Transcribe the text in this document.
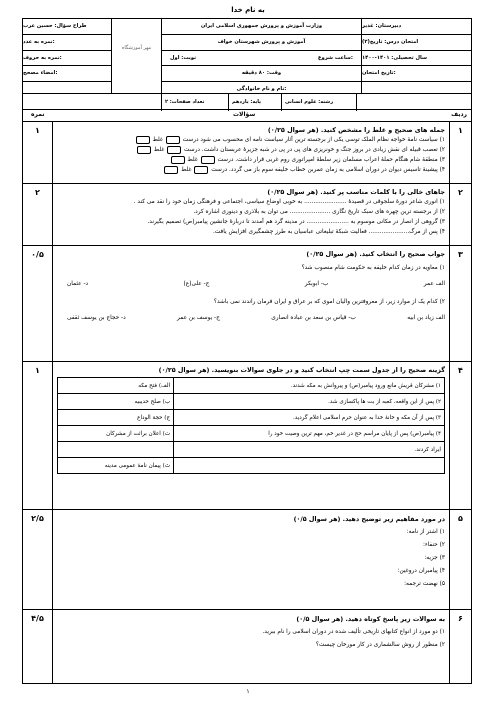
به نام خدا
دبیرستان: غدیر
امتحان درس: تاریخ(۲)
سال تحصیلی: ۱۴۰۱-۱۴۰۰
تاریخ امتحان:
وزارت آموزش و پرورش جمهوری اسلامی ایران
آموزش و پرورش شهرستان خواف
نوبت: اول	ساعت شروع:
وقت: ۸۰ دقیقه
نام و نام خانوادگی:
مهر آموزشگاه
طراح سؤال: حسین عرب
نمره به عدد:
نمره به حروف:
امضاء مصحح:
رشته: علوم انسانی
پایه: یازدهم
تعداد صفحات: ۲
ردیف
سؤالات
نمره
۱
۱	جمله های صحیح و غلط را مشخص کنید. (هر سوال ۰/۲۵)
۱) سیاست نامهٔ خواجه نظام الملک توسی یکی از برجسته ترین آثار سیاست نامه ای محسوب می شود درست  غلط
۲) تعصب قبیله ای نقش زیادی در بروز جنگ و خونریزی های پی در پی در شبه جزیرهٔ عربستان داشت. درست  غلط
۳) منطقهٔ شام هنگام حملهٔ اعراب مسلمان زیر سلطهٔ امپراتوری روم غربی قرار داشت. درست  غلط
۴) پیشینهٔ تاسیس دیوان در دوران اسلامی به زمان عمربن خطاب خلیفه سوم باز می گردد. درست  غلط
۲
۲	جاهای خالی را با کلمات مناسب پر کنید. (هر سوال ۰/۲۵)
۱) انوری شاعر دورهٔ سلجوقی در قصیدهٔ ....................... به خوبی اوضاع سیاسی، اجتماعی و فرهنگی زمان خود را نقد می کند .
۲) از برجسته ترین چهره های سبک تاریخ نگاری ...................... می توان به بلاذری و دینوری اشاره کرد.
۳) گروهی از انصار در مکانی موسوم به ....................... در مدینه گرد هم آمدند تا دربارهٔ جانشین پیامبر(ص) تصمیم بگیرند.
۴) پس از مرگ...................... فعالیت شبکهٔ تبلیغاتی عباسیان به طرز چشمگیری افزایش یافت.
۳
۰/۵	جواب صحیح را انتخاب کنید. (هر سوال ۰/۲۵)
۱) معاویه در زمان کدام خلیفه به حکومت شام منصوب شد؟
الف عمر
ب- ابوبکر
ج- علی(ع)
د- عثمان
۲) کدام یک از موارد زیر، از معروفترین والیان اموی که بر عراق و ایران فرمان راندند نمی باشد؟
الف زیاد بن ابیه
ب- قیاس بن سعد بن عباده انصاری
ج- یوسف بن عمر
د- حجاج بن یوسف ثقفی
۴
۱	گزینه صحیح را از جدول سمت چپ انتخاب کنید و در جلوی سوالات بنویسید. (هر سوال ۰/۲۵)
۱) مشرکان قریش مانع ورود پیامبر(ص) و پیروانش به مکه شدند.	الف) فتح مکه
۲) پس از این واقعه، کعبه از بت ها پاکسازی شد.	ب) صلح حدیبیه
۳) پس از آن مکه و خانهٔ خدا به عنوان حرم اسلامی اعلام گردید.	ج) حجة الوداع
۴) پیامبر(ص) پس از پایان مراسم حج در غدیر خم، مهم ترین وصیت خود را	ت) اعلان برائت از مشرکان
ایراد کردند.	
	ث) پیمان نامهٔ عمومی مدینه
۵
۲/۵	در مورد مفاهیم زیر توضیح دهید. (هر سوال ۰/۵)
۱) اشتر از نامه:
۲) حنفاء:
۳) جزیه:
۴) پیامبران دروغین:
۵) نهضت ترجمه:
۶
۴/۵	به سوالات زیر پاسخ کوتاه دهید. (هر سوال ۰/۵)
۱) دو مورد از انواع کتابهای تاریخی تألیف شده در دوران اسلامی را نام ببرید.
۲) منظور از روش سالشماری در کار مورخان چیست؟
۱
